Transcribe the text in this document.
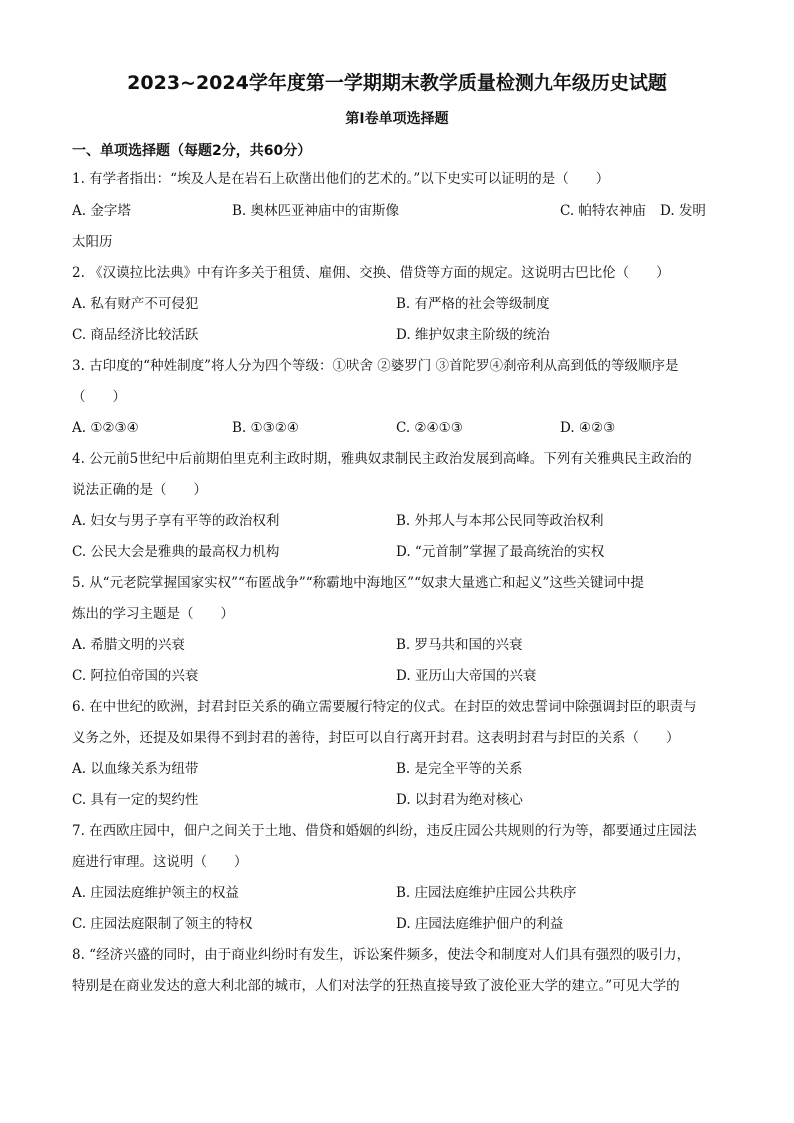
2023~2024学年度第一学期期末教学质量检测九年级历史试题
第Ⅰ卷单项选择题
一、单项选择题（每题2分，共60分）
1. 有学者指出：“埃及人是在岩石上砍凿出他们的艺术的。”以下史实可以证明的是（　　）
A. 金字塔	B. 奥林匹亚神庙中的宙斯像	C. 帕特农神庙 D. 发明
太阳历
2. 《汉谟拉比法典》中有许多关于租赁、雇佣、交换、借贷等方面的规定。这说明古巴比伦（　　）
A. 私有财产不可侵犯	B. 有严格的社会等级制度
C. 商品经济比较活跃	D. 维护奴隶主阶级的统治
3. 古印度的“种姓制度”将人分为四个等级：①吠舍 ②婆罗门 ③首陀罗④刹帝利从高到低的等级顺序是
（　　）
A. ①②③④	B. ①③②④	C. ②④①③	D. ④②③
4. 公元前5世纪中后前期伯里克利主政时期，雅典奴隶制民主政治发展到高峰。下列有关雅典民主政治的
说法正确的是（　　）
A. 妇女与男子享有平等的政治权利	B. 外邦人与本邦公民同等政治权利
C. 公民大会是雅典的最高权力机构	D. “元首制”掌握了最高统治的实权
5. 从“元老院掌握国家实权”“布匿战争”“称霸地中海地区”“奴隶大量逃亡和起义”这些关键词中提
炼出的学习主题是（　　）
A. 希腊文明的兴衰	B. 罗马共和国的兴衰
C. 阿拉伯帝国的兴衰	D. 亚历山大帝国的兴衰
6. 在中世纪的欧洲，封君封臣关系的确立需要履行特定的仪式。在封臣的效忠誓词中除强调封臣的职责与
义务之外，还提及如果得不到封君的善待，封臣可以自行离开封君。这表明封君与封臣的关系（　　）
A. 以血缘关系为纽带	B. 是完全平等的关系
C. 具有一定的契约性	D. 以封君为绝对核心
7. 在西欧庄园中，佃户之间关于土地、借贷和婚姻的纠纷，违反庄园公共规则的行为等，都要通过庄园法
庭进行审理。这说明（　　）
A. 庄园法庭维护领主的权益	B. 庄园法庭维护庄园公共秩序
C. 庄园法庭限制了领主的特权	D. 庄园法庭维护佃户的利益
8. “经济兴盛的同时，由于商业纠纷时有发生，诉讼案件频多，使法令和制度对人们具有强烈的吸引力，
特别是在商业发达的意大利北部的城市，人们对法学的狂热直接导致了波伦亚大学的建立。”可见大学的
